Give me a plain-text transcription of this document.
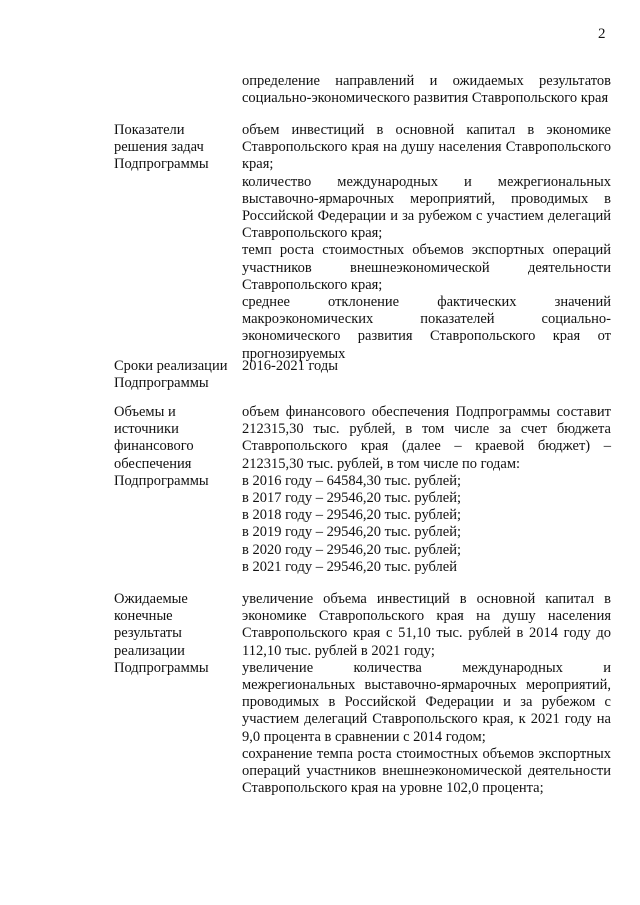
2
определение направлений и ожидаемых результатов социально-экономического развития Ставропольского края
Показатели
решения задач
Подпрограммы
объем инвестиций в основной капитал в экономике Ставропольского края на душу населения Ставропольского края;
количество международных и межрегиональных выставочно-ярмарочных мероприятий, проводимых в Российской Федерации и за рубежом с участием делегаций Ставропольского края;
темп роста стоимостных объемов экспортных операций участников внешнеэкономической деятельности Ставропольского края;
среднее отклонение фактических значений макроэкономических показателей социально-экономического развития Ставропольского края от прогнозируемых
Сроки реализации
Подпрограммы
2016-2021 годы
Объемы и
источники
финансового
обеспечения
Подпрограммы
объем финансового обеспечения Подпрограммы составит 212315,30 тыс. рублей, в том числе за счет бюджета Ставропольского края (далее – краевой бюджет) – 212315,30 тыс. рублей, в том числе по годам:
в 2016 году – 64584,30 тыс. рублей;
в 2017 году – 29546,20 тыс. рублей;
в 2018 году – 29546,20 тыс. рублей;
в 2019 году – 29546,20 тыс. рублей;
в 2020 году – 29546,20 тыс. рублей;
в 2021 году – 29546,20 тыс. рублей
Ожидаемые
конечные
результаты
реализации
Подпрограммы
увеличение объема инвестиций в основной капитал в экономике Ставропольского края на душу населения Ставропольского края с 51,10 тыс. рублей в 2014 году до 112,10 тыс. рублей в 2021 году;
увеличение количества международных и межрегиональных выставочно-ярмарочных мероприятий, проводимых в Российской Федерации и за рубежом с участием делегаций Ставропольского края, к 2021 году на 9,0 процента в сравнении с 2014 годом;
сохранение темпа роста стоимостных объемов экспортных операций участников внешнеэкономической деятельности Ставропольского края на уровне 102,0 процента;
